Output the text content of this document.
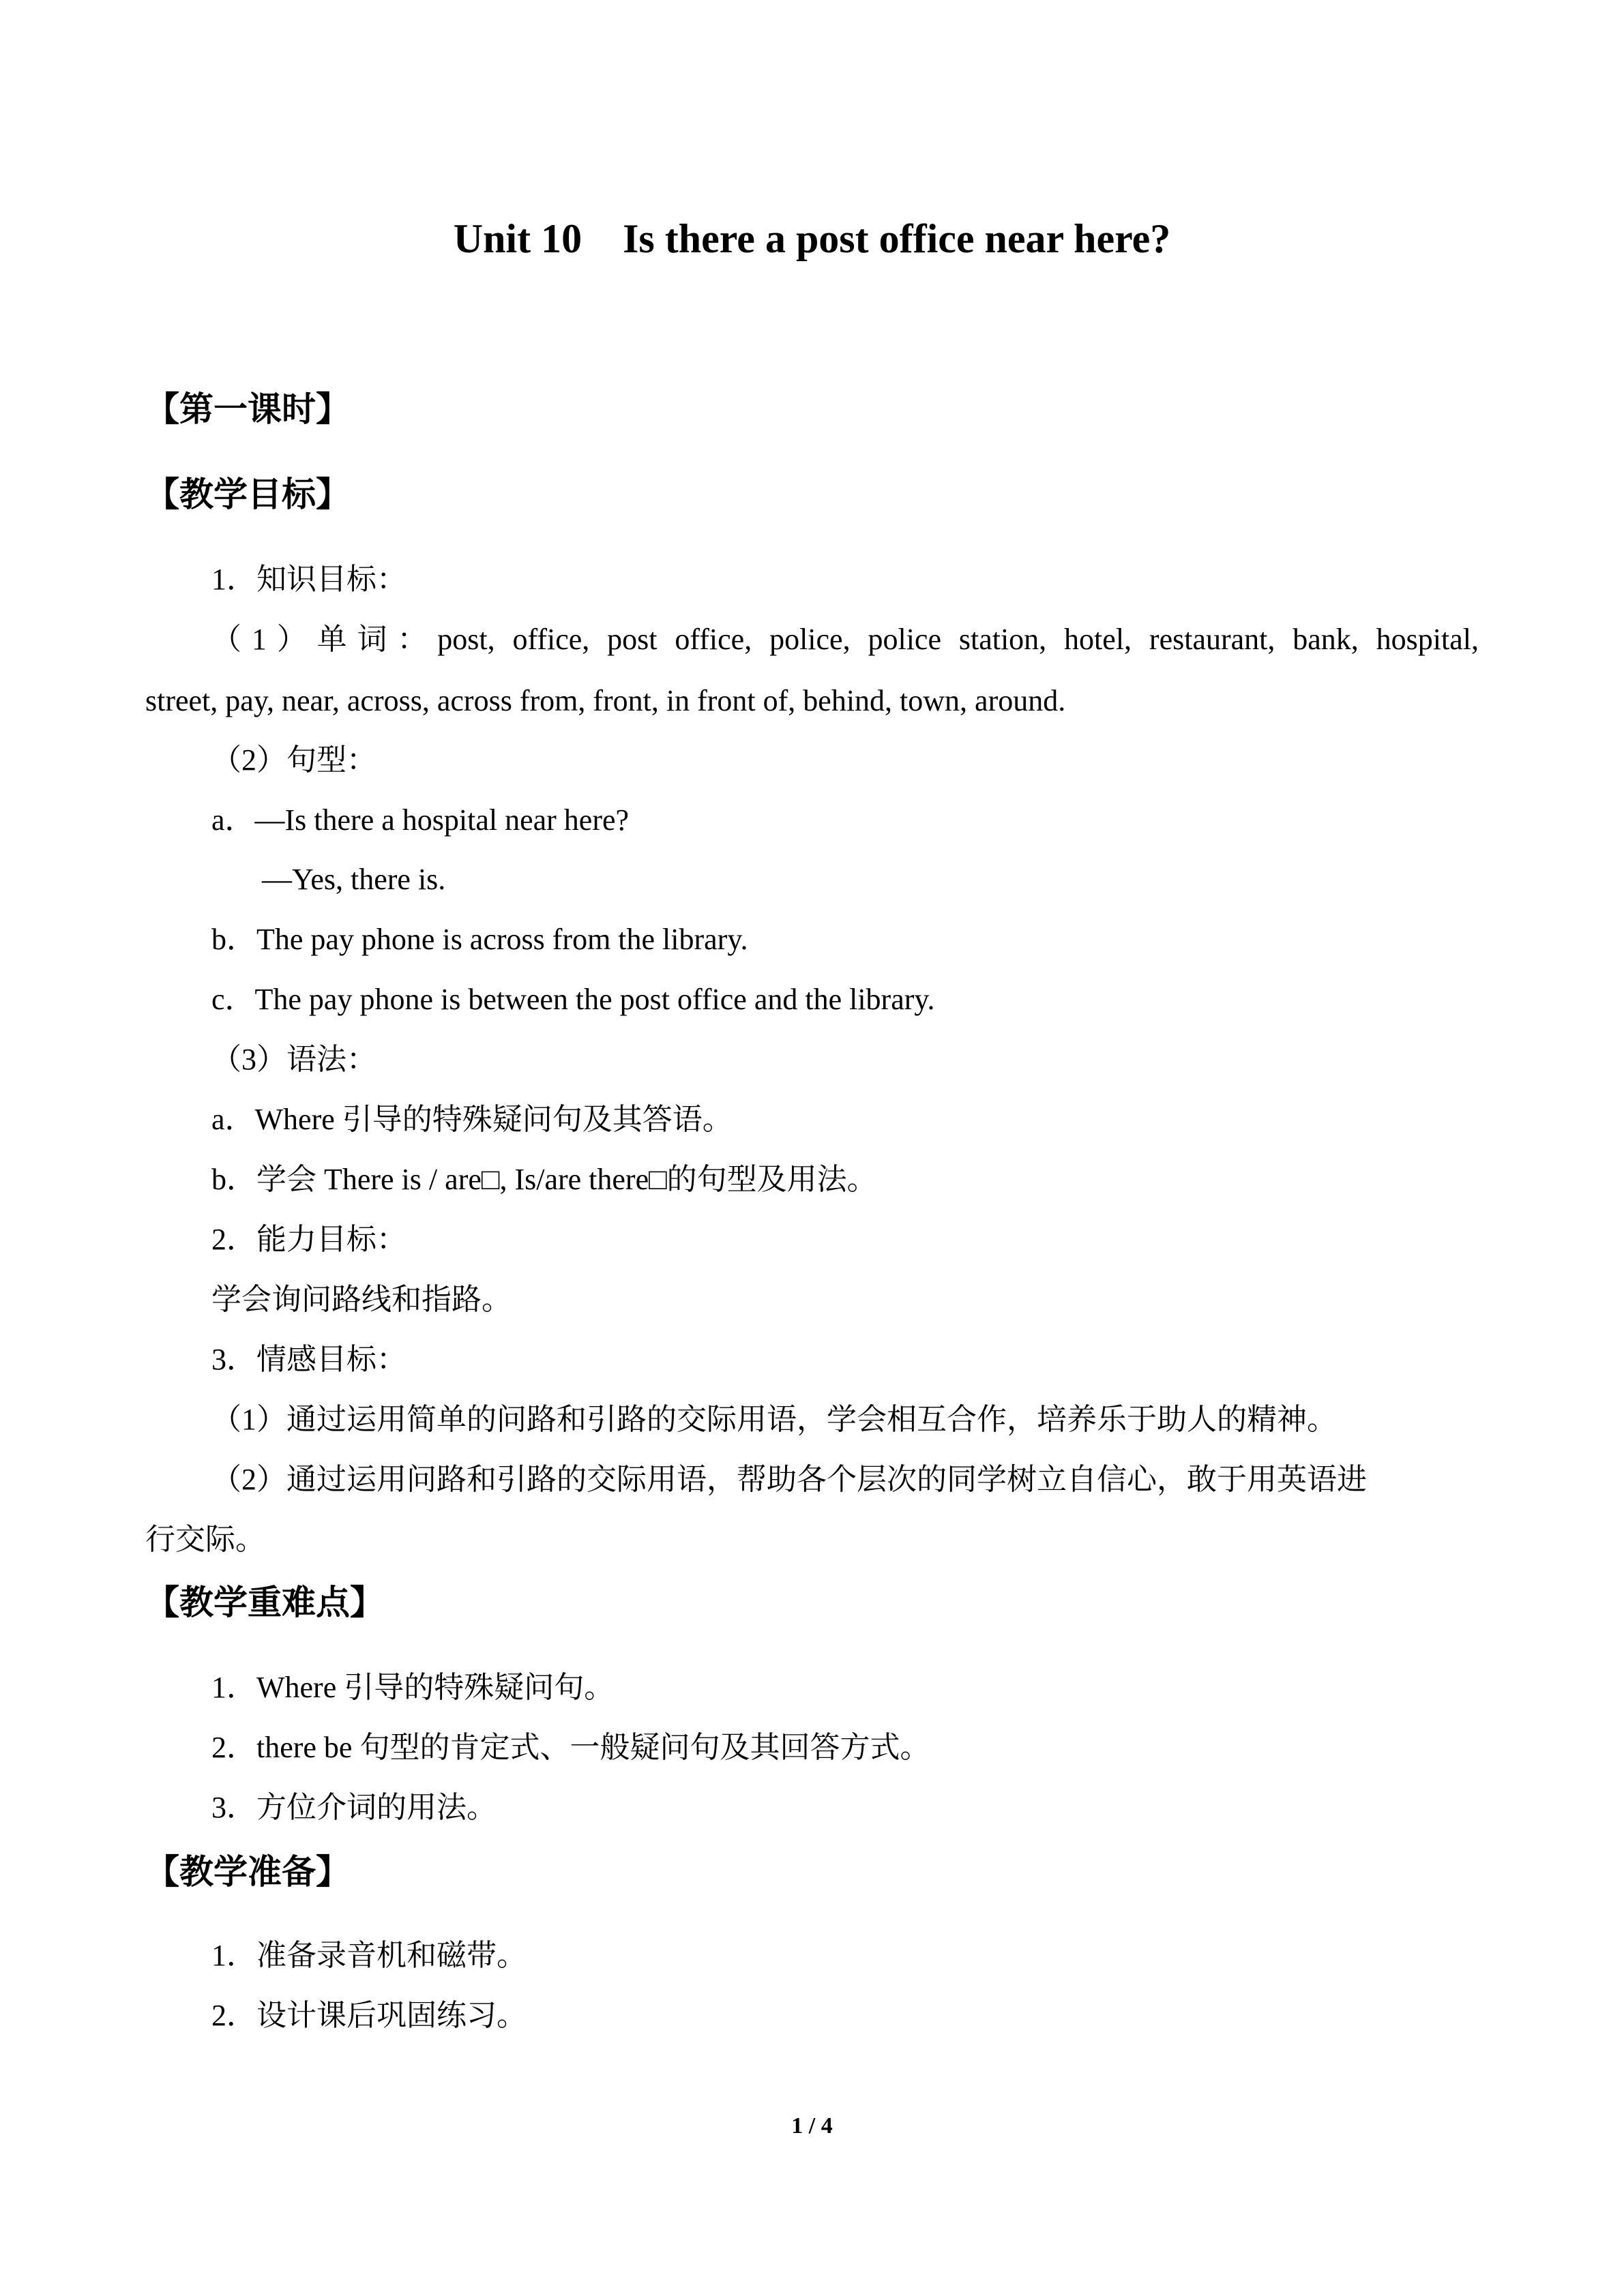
Unit 10    Is there a post office near here?
【第一课时】
【教学目标】
1．知识目标：
（1）单词：post, office, post office, police, police station, hotel, restaurant, bank, hospital,
street, pay, near, across, across from, front, in front of, behind, town, around.
（2）句型：
a．—Is there a hospital near here?
—Yes, there is.
b．The pay phone is across from the library.
c．The pay phone is between the post office and the library.
（3）语法：
a．Where 引导的特殊疑问句及其答语。
b．学会 There is / are□, Is/are there□的句型及用法。
2．能力目标：
学会询问路线和指路。
3．情感目标：
（1）通过运用简单的问路和引路的交际用语，学会相互合作，培养乐于助人的精神。
（2）通过运用问路和引路的交际用语，帮助各个层次的同学树立自信心，敢于用英语进
行交际。
【教学重难点】
1．Where 引导的特殊疑问句。
2．there be 句型的肯定式、一般疑问句及其回答方式。
3．方位介词的用法。
【教学准备】
1．准备录音机和磁带。
2．设计课后巩固练习。
1 / 4
